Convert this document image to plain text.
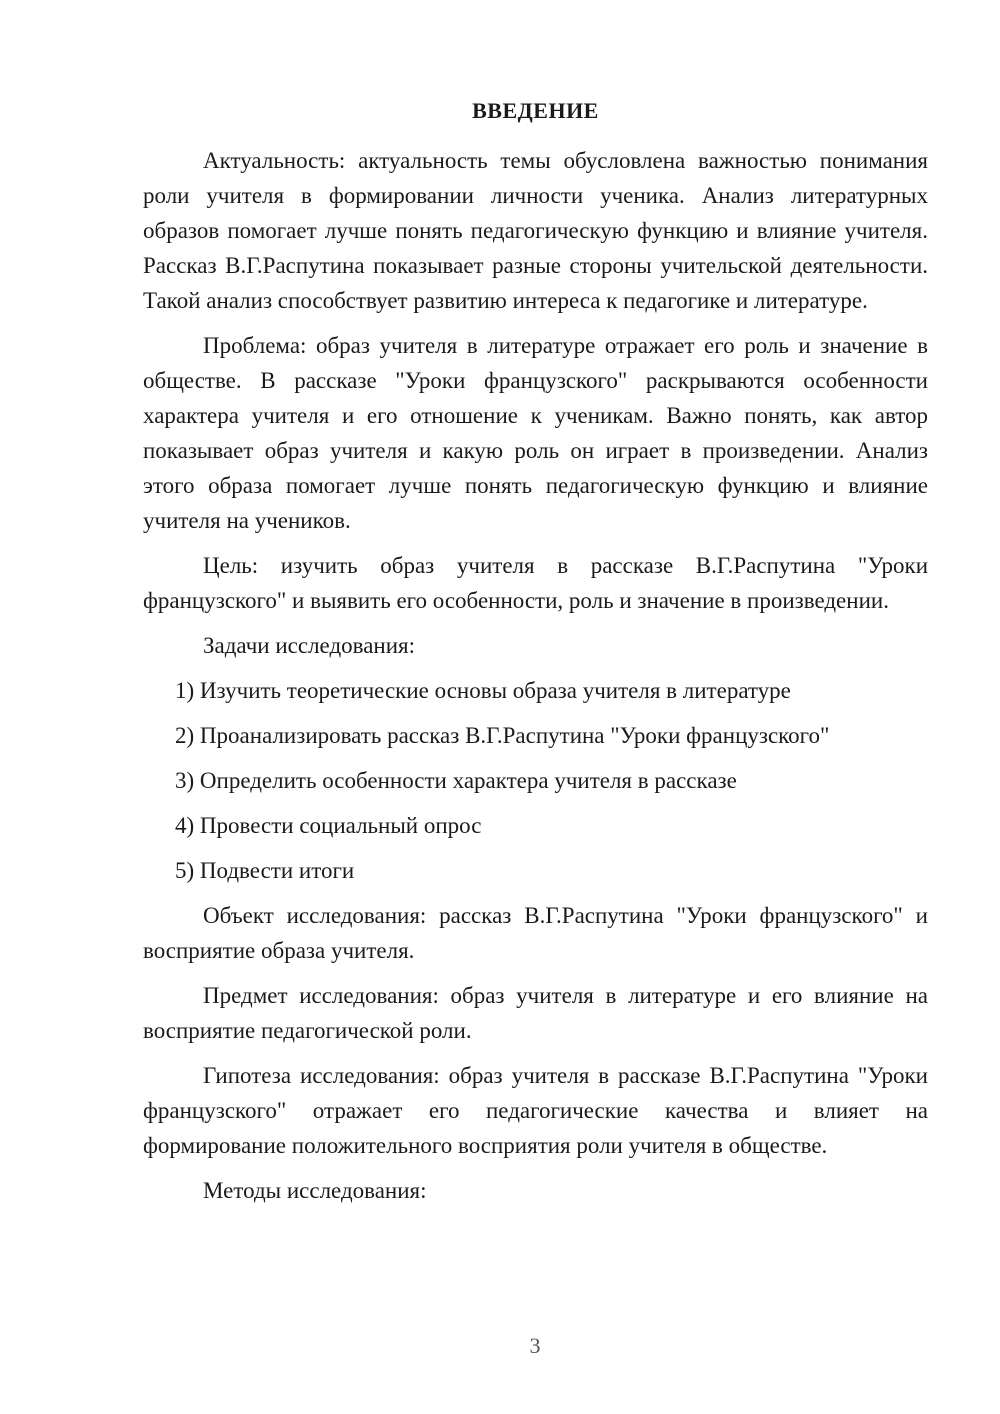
ВВЕДЕНИЕ

Актуальность: актуальность темы обусловлена важностью понимания роли учителя в формировании личности ученика. Анализ литературных образов помогает лучше понять педагогическую функцию и влияние учителя. Рассказ В.Г.Распутина показывает разные стороны учительской деятельности. Такой анализ способствует развитию интереса к педагогике и литературе.

Проблема: образ учителя в литературе отражает его роль и значение в обществе. В рассказе "Уроки французского" раскрываются особенности характера учителя и его отношение к ученикам. Важно понять, как автор показывает образ учителя и какую роль он играет в произведении. Анализ этого образа помогает лучше понять педагогическую функцию и влияние учителя на учеников.

Цель: изучить образ учителя в рассказе В.Г.Распутина "Уроки французского" и выявить его особенности, роль и значение в произведении.

Задачи исследования:

1) Изучить теоретические основы образа учителя в литературе

2) Проанализировать рассказ В.Г.Распутина "Уроки французского"

3) Определить особенности характера учителя в рассказе

4) Провести социальный опрос

5) Подвести итоги

Объект исследования: рассказ В.Г.Распутина "Уроки французского" и восприятие образа учителя.

Предмет исследования: образ учителя в литературе и его влияние на восприятие педагогической роли.

Гипотеза исследования: образ учителя в рассказе В.Г.Распутина "Уроки французского" отражает его педагогические качества и влияет на формирование положительного восприятия роли учителя в обществе.

Методы исследования:

3
